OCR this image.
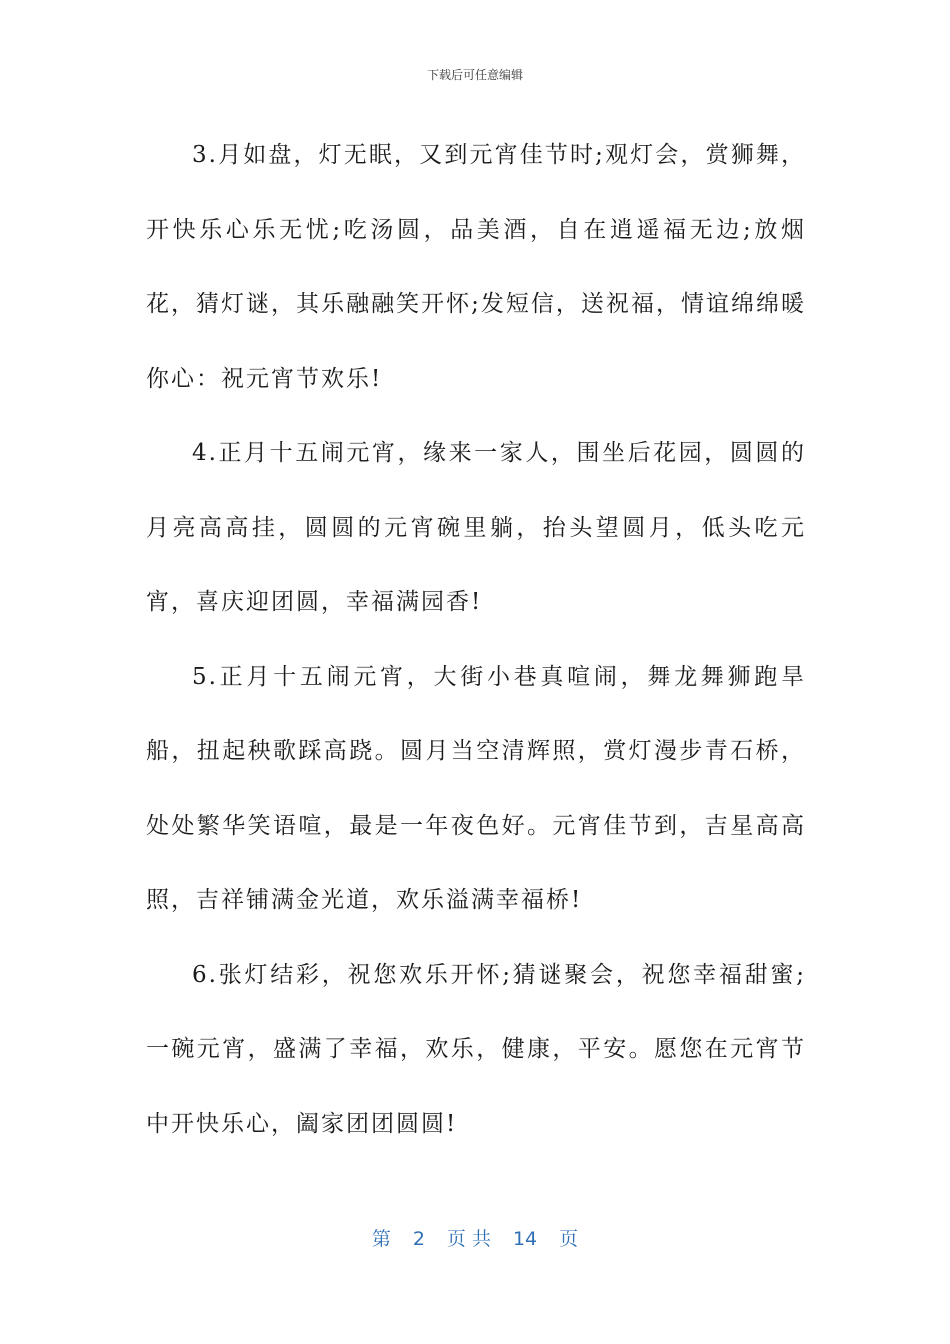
下载后可任意编辑

3.月如盘，灯无眠，又到元宵佳节时;观灯会，赏狮舞，开快乐心乐无忧;吃汤圆，品美酒，自在逍遥福无边;放烟花，猜灯谜，其乐融融笑开怀;发短信，送祝福，情谊绵绵暖你心：祝元宵节欢乐!

4.正月十五闹元宵，缘来一家人，围坐后花园，圆圆的月亮高高挂，圆圆的元宵碗里躺，抬头望圆月，低头吃元宵，喜庆迎团圆，幸福满园香!

5.正月十五闹元宵，大街小巷真喧闹，舞龙舞狮跑旱船，扭起秧歌踩高跷。圆月当空清辉照，赏灯漫步青石桥，处处繁华笑语喧，最是一年夜色好。元宵佳节到，吉星高高照，吉祥铺满金光道，欢乐溢满幸福桥!

6.张灯结彩，祝您欢乐开怀;猜谜聚会，祝您幸福甜蜜;一碗元宵，盛满了幸福，欢乐，健康，平安。愿您在元宵节中开快乐心，阖家团团圆圆!

第 2 页 共 14 页
